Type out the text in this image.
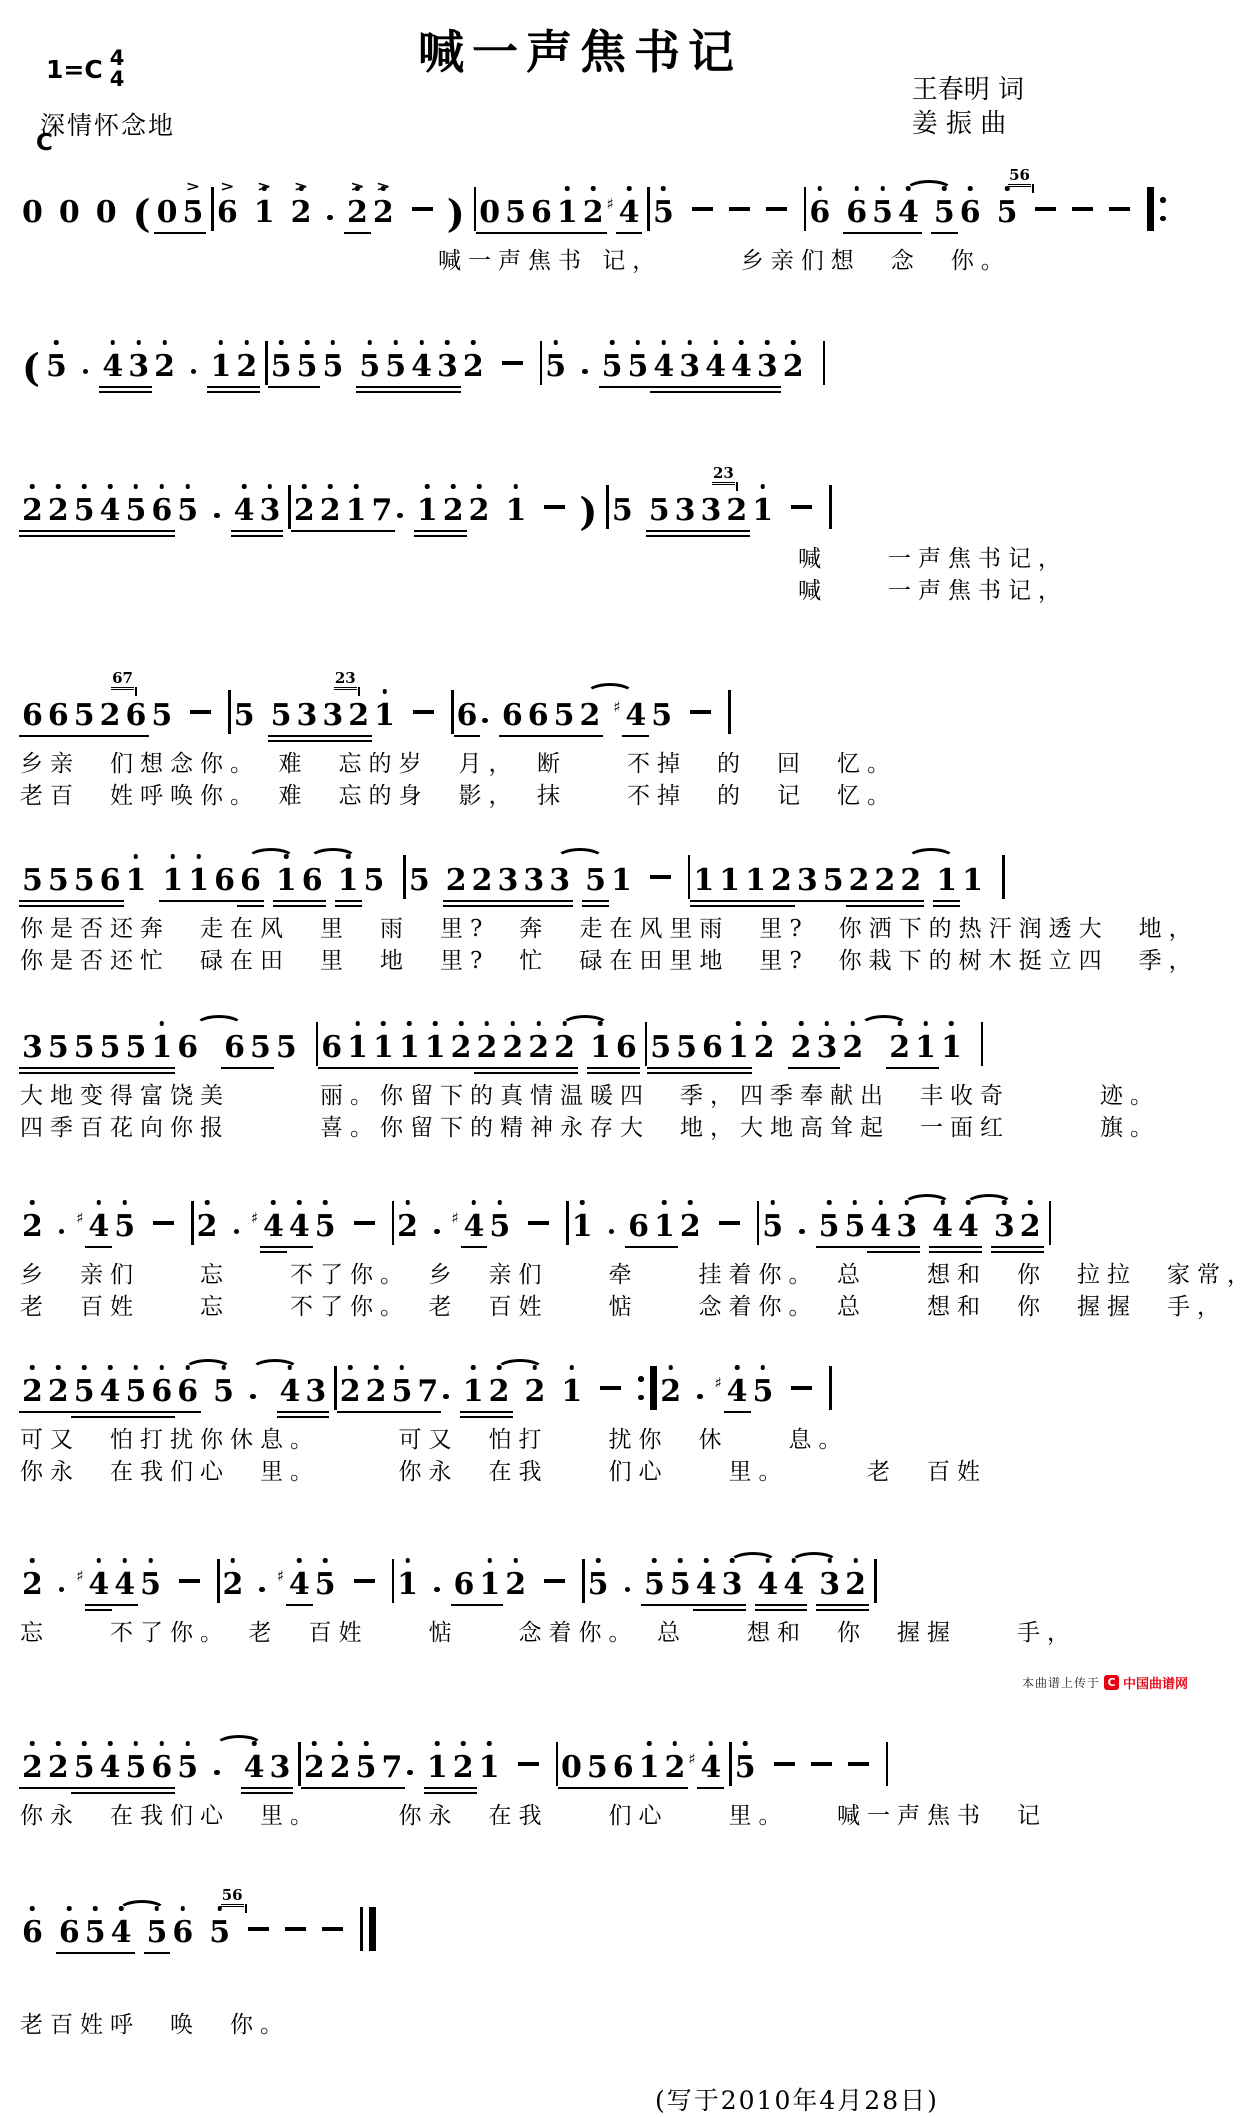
喊一声焦书记
1=C 4
4
深情怀念地
王春明 词
姜 振 曲
C
0 0 0 ( 0 5
>
6
>
1
>
2
>
2
>
2
>
) 0 5 6 1 2 4
♯ 5	6 6 5 4 5 6 5
56
喊一声焦书 记，　　　乡亲们想　念　你。
( 5 4 3 2 1 2 5 5 5 5 5 4 3 2 5 5 5 4 3 4 4 3 2
2 2 5 4 5 6 5 4 3 2 2 1 7 1 2 2 1 ) 5 5 3 3
23
2 1
喊　　一声焦书记，
喊　　一声焦书记，
6 6 5 2
67
6 5 5 5 3 3
23
2 1 6 6 6 5 2 4
♯ 5
乡亲　们想念你。　难　忘的岁　月，　断　　不掉　的　回　忆。
老百　姓呼唤你。　难　忘的身　影，　抹　　不掉　的　记　忆。
5 5 5 6 1 1 1 6 6 1 6 1 5 5 2 2 3 3 3 5 1 1 1 1 2 3 5 2 2 2 1 1
你是否还奔　走在风　里　雨　里?　奔　走在风里雨　里?　你洒下的热汗润透大　地，
你是否还忙　碌在田　里　地　里?　忙　碌在田里地　里?　你栽下的树木挺立四　季，
3 5 5 5 5 1 6 6 5 5 6 1 1 1 1 2 2 2 2 2 1 6 5 5 6 1 2 2 3 2 2 1 1
大地变得富饶美　　　丽。你留下的真情温暖四　季，四季奉献出　丰收奇　　　迹。
四季百花向你报　　　喜。你留下的精神永存大　地，大地高耸起　一面红　　　旗。
2 4
♯ 5 2 4
♯ 4 5 2 4
♯ 5 1 6 1 2 5 5 5 4 3 4 4 3 2
乡　亲们　　忘　　不了你。　乡　亲们　　牵　　挂着你。　总　　想和　你　拉拉　家常，
老　百姓　　忘　　不了你。　老　百姓　　惦　　念着你。　总　　想和　你　握握　手，
2 2 5 4 5 6 6 5 4 3 2 2 5 7 1 2 2 1	2 4
♯ 5
可又　怕打扰你休息。　　　可又　怕打　　扰你　休　　息。
你永　在我们心　里。　　　你永　在我　　们心　　里。　　　老　百姓
2 4
♯ 4 5 2 4
♯ 5 1 6 1 2 5 5 5 4 3 4 4 3 2
忘　　不了你。　老　百姓　　惦　　念着你。　总　　想和　你　握握　　手，
2 2 5 4 5 6 5 4 3 2 2 5 7 1 2 1 0 5 6 1 2 4
♯ 5
你永　在我们心　里。　　　你永　在我　　们心　　里。　　喊一声焦书　记
6 6 5 4 5 6 5
56
老百姓呼　唤　你。
(写于2010年4月28日)
本曲谱上传于 C 中国曲谱网
